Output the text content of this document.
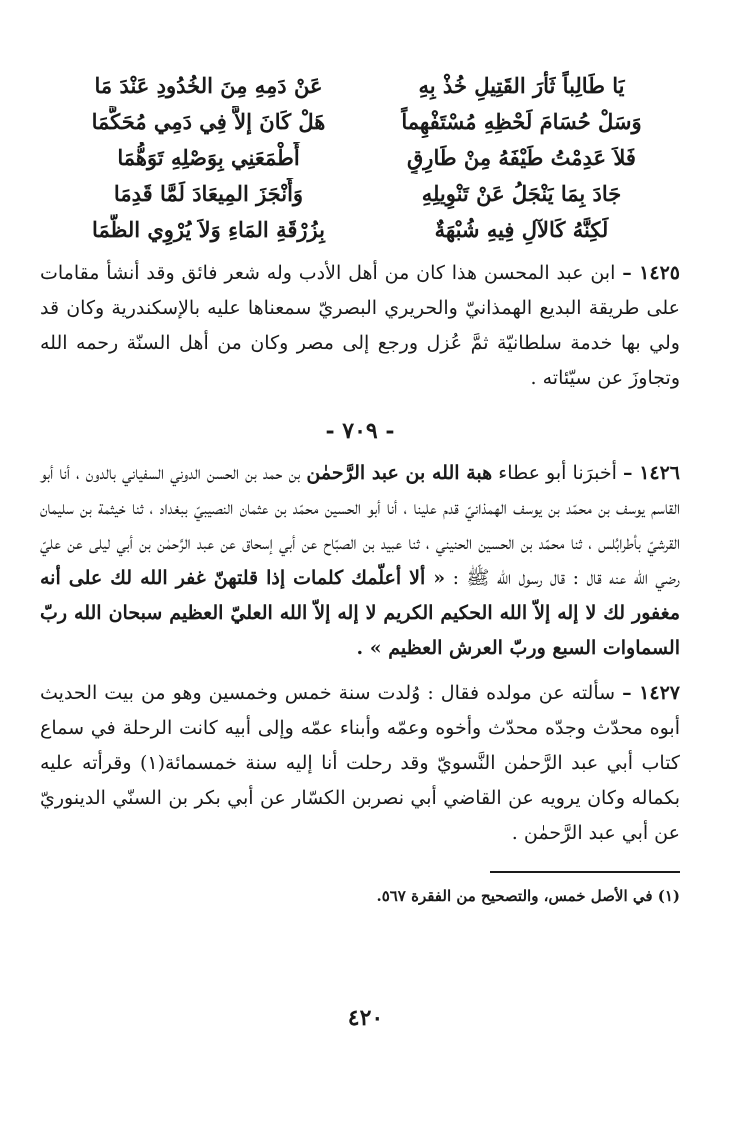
يَا طَالِباً ثَأْرَ القَتِيلِ خُذْ بِهِ
عَنْ دَمِهِ مِنَ الخُدُودِ عَنْدَ مَا
وَسَلْ حُسَامَ لَحْظِهِ مُسْتَفْهِماً
هَلْ كَانَ إلاَّ فِي دَمِي مُحَكَّمَا
فَلاَ عَدِمْتُ طَيْفَهُ مِنْ طَارِقٍ
أَطْمَعَنِي بِوَصْلِهِ تَوَهُّمَا
جَادَ بِمَا يَنْجَلُ عَنْ تَنْوِيلِهِ
وَأَنْجَزَ المِيعَادَ لَمَّا قَدِمَا
لَكِنَّهُ كَالآلِ فِيهِ شُبْهَةٌ
بِزُرْقَةِ المَاءِ وَلاَ يُرْوِي الظَّمَا

١٤٢٥ – ابن عبد المحسن هذا كان من أهل الأدب وله شعر فائق وقد أنشأ مقامات على طريقة البديع الهمذانيّ والحريري البصريّ سمعناها عليه بالإسكندرية وكان قد ولي بها خدمة سلطانيّة ثمَّ عُزل ورجع إلى مصر وكان من أهل السنّة رحمه الله وتجاوزَ عن سيّئاته .

- ٧٠٩ -

١٤٢٦ – أخبرَنا أبو عطاء هبة الله بن عبد الرَّحمٰن بن حمد بن الحسن الدوني السفياني بالدون ، أنا أبو القاسم يوسف بن محمّد بن يوسف الهمذانيّ قدم علينا ، أنا أبو الحسين محمّد بن عثمان النصيبيّ ببغداد ، ثنا خيثمة بن سليمان القرشيّ بأطرابُلس ، ثنا محمّد بن الحسين الحنيني ، ثنا عبيد بن الصبّاح عن أبي إسحاق عن عبد الرَّحمٰن بن أبي ليلى عن عليّ رضي الله عنه قال : قال رسول الله ﷺ : « ألا أعلّمك كلمات إذا قلتهنّ غفر الله لك على أنه مغفور لك لا إله إلاّ الله الحكيم الكريم لا إله إلاّ الله العليّ العظيم سبحان الله ربّ السماوات السبع وربّ العرش العظيم » .

١٤٢٧ – سألته عن مولده فقال : وُلدت سنة خمس وخمسين وهو من بيت الحديث أبوه محدّث وجدّه محدّث وأخوه وعمّه وأبناء عمّه وإلى أبيه كانت الرحلة في سماع كتاب أبي عبد الرَّحمٰن النَّسويّ وقد رحلت أنا إليه سنة خمسمائة(١) وقرأته عليه بكماله وكان يرويه عن القاضي أبي نصربن الكسّار عن أبي بكر بن السنّي الدينوريّ عن أبي عبد الرَّحمٰن .

(١) في الأصل خمس، والتصحيح من الفقرة ٥٦٧.
٤٢٠
